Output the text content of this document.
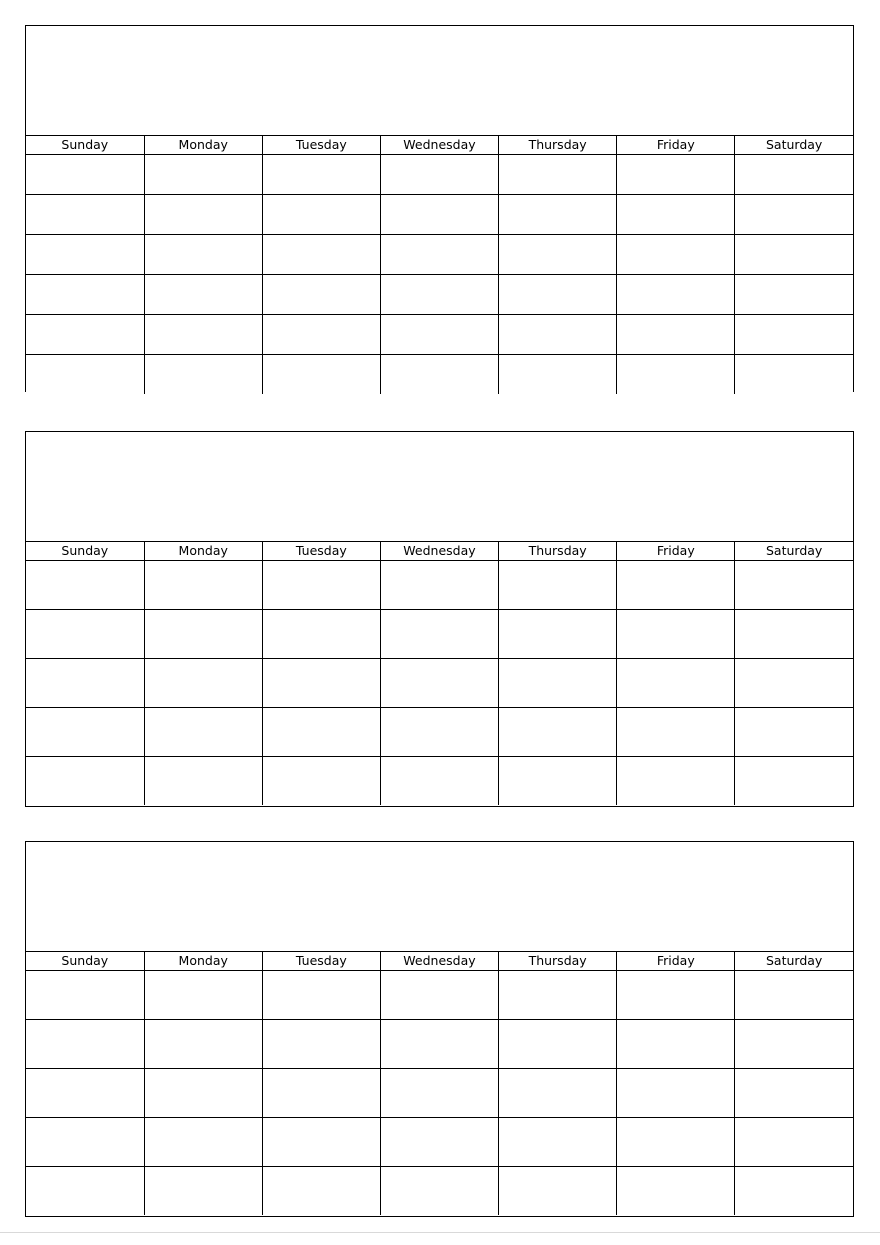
Sunday	Monday	Tuesday	Wednesday	Thursday	Friday	Saturday

Sunday	Monday	Tuesday	Wednesday	Thursday	Friday	Saturday

Sunday	Monday	Tuesday	Wednesday	Thursday	Friday	Saturday
